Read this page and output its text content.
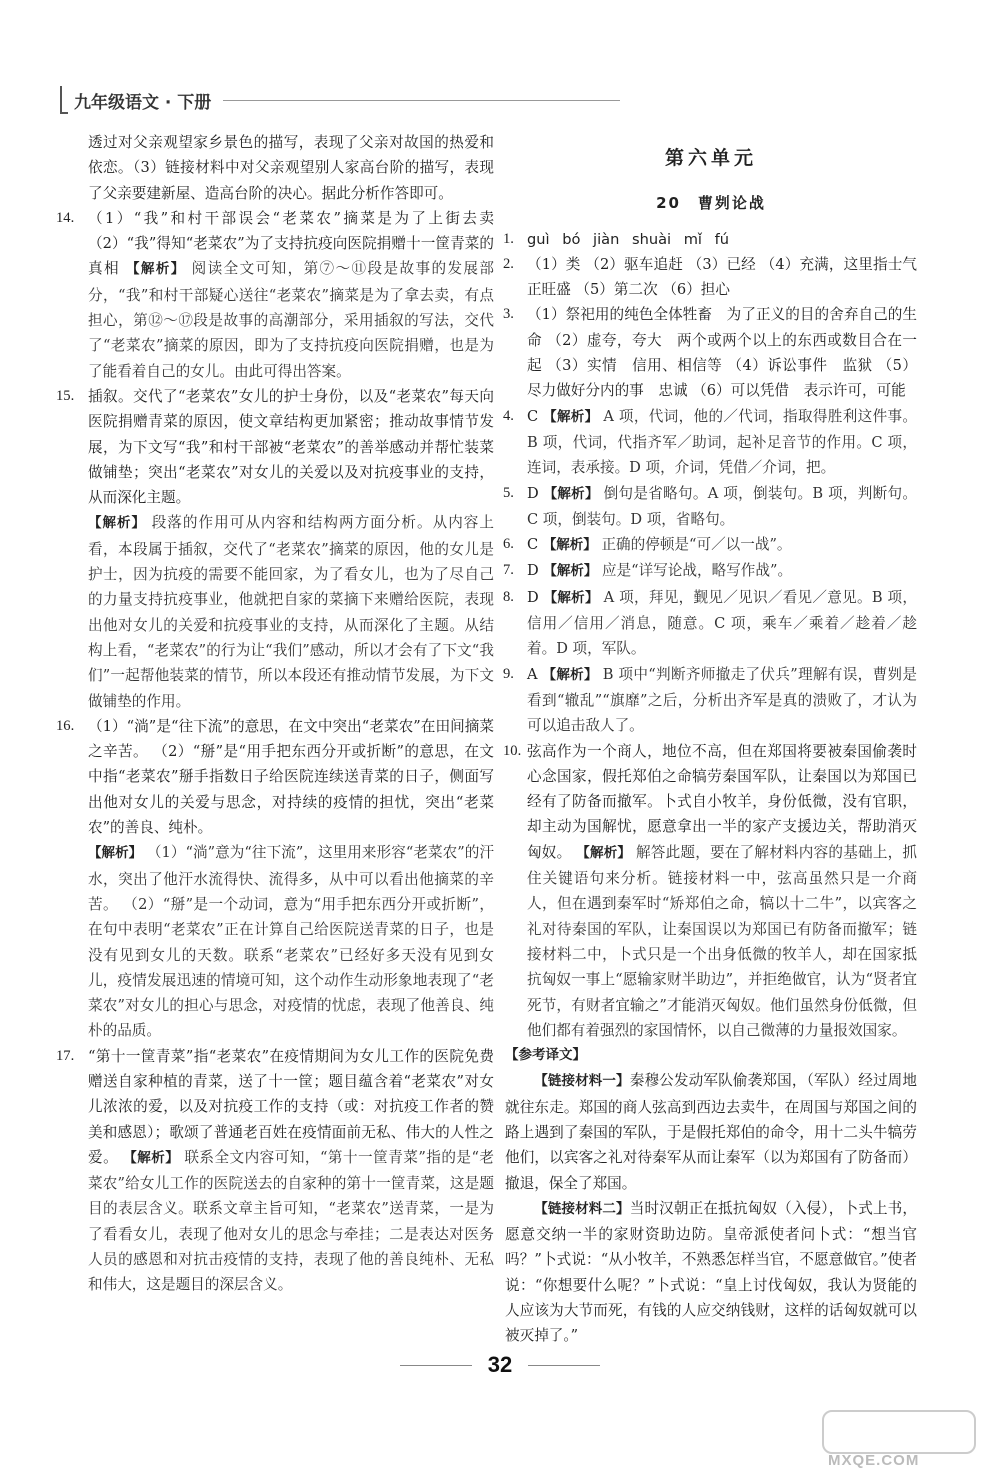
九年级语文 · 下册

透过对父亲观望家乡景色的描写，表现了父亲对故国的热爱和依恋。（3）链接材料中对父亲观望别人家高台阶的描写，表现了父亲要建新屋、造高台阶的决心。据此分析作答即可。

14. （1）“我”和村干部误会“老菜农”摘菜是为了上街去卖 （2）“我”得知“老菜农”为了支持抗疫向医院捐赠十一筐青菜的真相 【解析】 阅读全文可知，第⑦～⑪段是故事的发展部分，“我”和村干部疑心送往“老菜农”摘菜是为了拿去卖，有点担心，第⑫～⑰段是故事的高潮部分，采用插叙的写法，交代了“老菜农”摘菜的原因，即为了支持抗疫向医院捐赠，也是为了能看着自己的女儿。由此可得出答案。
15. 插叙。交代了“老菜农”女儿的护士身份，以及“老菜农”每天向医院捐赠青菜的原因，使文章结构更加紧密；推动故事情节发展，为下文写“我”和村干部被“老菜农”的善举感动并帮忙装菜做铺垫；突出“老菜农”对女儿的关爱以及对抗疫事业的支持，从而深化主题。
【解析】 段落的作用可从内容和结构两方面分析。从内容上看，本段属于插叙，交代了“老菜农”摘菜的原因，他的女儿是护士，因为抗疫的需要不能回家，为了看女儿，也为了尽自己的力量支持抗疫事业，他就把自家的菜摘下来赠给医院，表现出他对女儿的关爱和抗疫事业的支持，从而深化了主题。从结构上看，“老菜农”的行为让“我们”感动，所以才会有了下文“我们”一起帮他装菜的情节，所以本段还有推动情节发展，为下文做铺垫的作用。
16. （1）“淌”是“往下流”的意思，在文中突出“老菜农”在田间摘菜之辛苦。 （2）“掰”是“用手把东西分开或折断”的意思，在文中指“老菜农”掰手指数日子给医院连续送青菜的日子，侧面写出他对女儿的关爱与思念，对持续的疫情的担忧，突出“老菜农”的善良、纯朴。
【解析】 （1）“淌”意为“往下流”，这里用来形容“老菜农”的汗水，突出了他汗水流得快、流得多，从中可以看出他摘菜的辛苦。 （2）“掰”是一个动词，意为“用手把东西分开或折断”，在句中表明“老菜农”正在计算自己给医院送青菜的日子，也是没有见到女儿的天数。联系“老菜农”已经好多天没有见到女儿，疫情发展迅速的情境可知，这个动作生动形象地表现了“老菜农”对女儿的担心与思念，对疫情的忧虑，表现了他善良、纯朴的品质。
17. “第十一筐青菜”指“老菜农”在疫情期间为女儿工作的医院免费赠送自家种植的青菜，送了十一筐；题目蕴含着“老菜农”对女儿浓浓的爱，以及对抗疫工作的支持（或：对抗疫工作者的赞美和感恩）；歌颂了普通老百姓在疫情面前无私、伟大的人性之爱。 【解析】 联系全文内容可知，“第十一筐青菜”指的是“老菜农”给女儿工作的医院送去的自家种的第十一筐青菜，这是题目的表层含义。联系文章主旨可知，“老菜农”送青菜，一是为了看看女儿，表现了他对女儿的思念与牵挂；二是表达对医务人员的感恩和对抗击疫情的支持，表现了他的善良纯朴、无私和伟大，这是题目的深层含义。
第六单元
20　曹刿论战
1. guì bó jiàn shuài mǐ fú
2. （1）类 （2）驱车追赶 （3）已经 （4）充满，这里指士气正旺盛 （5）第二次 （6）担心
3. （1）祭祀用的纯色全体牲畜　为了正义的目的舍弃自己的生命 （2）虚夸，夸大　两个或两个以上的东西或数目合在一起 （3）实情　信用、相信等 （4）诉讼事件　监狱 （5）尽力做好分内的事　忠诚 （6）可以凭借　表示许可，可能
4. C 【解析】 A 项，代词，他的／代词，指取得胜利这件事。B 项，代词，代指齐军／助词，起补足音节的作用。C 项，连词，表承接。D 项，介词，凭借／介词，把。
5. D 【解析】 倒句是省略句。A 项，倒装句。B 项，判断句。C 项，倒装句。D 项，省略句。
6. C 【解析】 正确的停顿是“可／以一战”。
7. D 【解析】 应是“详写论战，略写作战”。
8. D 【解析】 A 项，拜见，觐见／见识／看见／意见。B 项，信用／信用／消息，随意。C 项，乘车／乘着／趁着／趁着。D 项，军队。
9. A 【解析】 B 项中“判断齐师撤走了伏兵”理解有误，曹刿是看到“辙乱”“旗靡”之后，分析出齐军是真的溃败了，才认为可以追击敌人了。
10. 弦高作为一个商人，地位不高，但在郑国将要被秦国偷袭时心念国家，假托郑伯之命犒劳秦国军队，让秦国以为郑国已经有了防备而撤军。卜式自小牧羊，身份低微，没有官职，却主动为国解忧，愿意拿出一半的家产支援边关，帮助消灭匈奴。 【解析】 解答此题，要在了解材料内容的基础上，抓住关键语句来分析。链接材料一中，弦高虽然只是一介商人，但在遇到秦军时“矫郑伯之命，犒以十二牛”，以宾客之礼对待秦国的军队，让秦国误以为郑国已有防备而撤军；链接材料二中，卜式只是一个出身低微的牧羊人，却在国家抵抗匈奴一事上“愿输家财半助边”，并拒绝做官，认为“贤者宜死节，有财者宜输之”才能消灭匈奴。他们虽然身份低微，但他们都有着强烈的家国情怀，以自己微薄的力量报效国家。
【参考译文】

【链接材料一】秦穆公发动军队偷袭郑国，（军队）经过周地就往东走。郑国的商人弦高到西边去卖牛，在周国与郑国之间的路上遇到了秦国的军队，于是假托郑伯的命令，用十二头牛犒劳他们，以宾客之礼对待秦军从而让秦军（以为郑国有了防备而）撤退，保全了郑国。

【链接材料二】当时汉朝正在抵抗匈奴（入侵），卜式上书，愿意交纳一半的家财资助边防。皇帝派使者问卜式：“想当官吗？”卜式说：“从小牧羊，不熟悉怎样当官，不愿意做官。”使者说：“你想要什么呢？”卜式说：“皇上讨伐匈奴，我认为贤能的人应该为大节而死，有钱的人应交纳钱财，这样的话匈奴就可以被灭掉了。”

32
MXQE.COM
